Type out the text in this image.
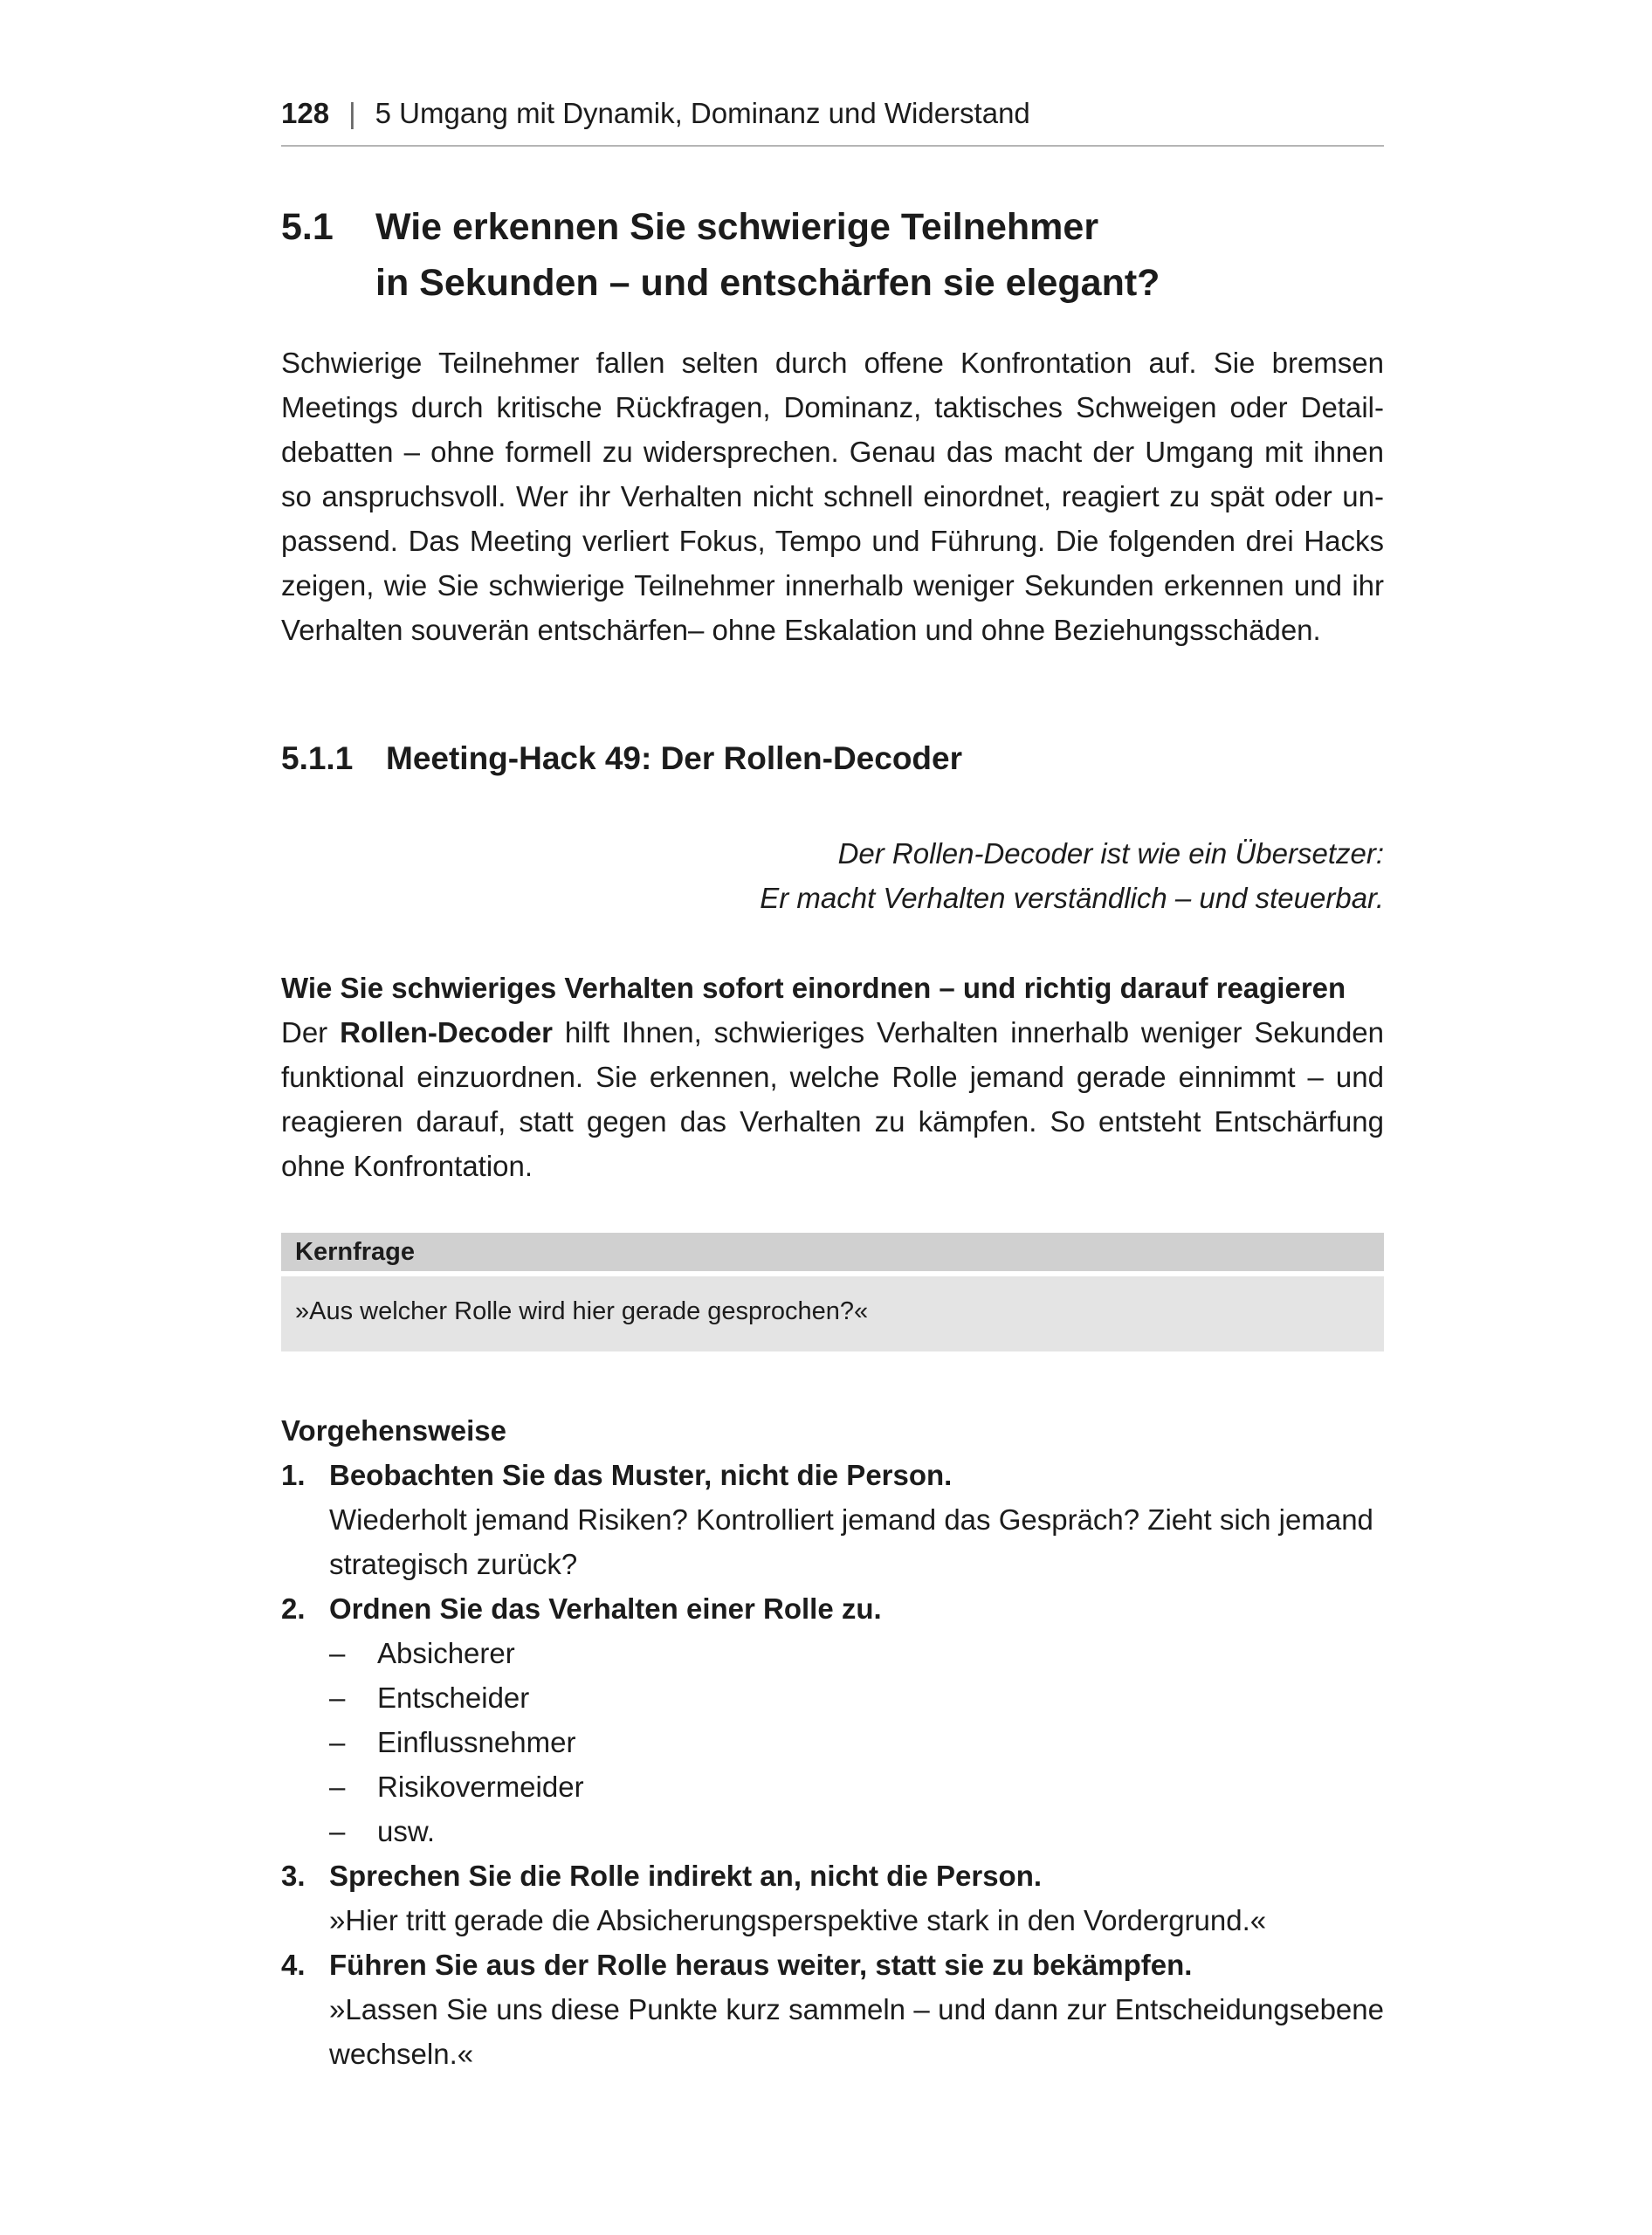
128 | 5 Umgang mit Dynamik, Dominanz und Widerstand
5.1 Wie erkennen Sie schwierige Teilnehmer
in Sekunden – und entschärfen sie elegant?
Schwierige Teilnehmer fallen selten durch offene Konfrontation auf. Sie bremsen
Meetings durch kritische Rückfragen, Dominanz, taktisches Schweigen oder Detail-
debatten – ohne formell zu widersprechen. Genau das macht der Umgang mit ihnen
so anspruchsvoll. Wer ihr Verhalten nicht schnell einordnet, reagiert zu spät oder un-
passend. Das Meeting verliert Fokus, Tempo und Führung. Die folgenden drei Hacks
zeigen, wie Sie schwierige Teilnehmer innerhalb weniger Sekunden erkennen und ihr
Verhalten souverän entschärfen– ohne Eskalation und ohne Beziehungsschäden.
5.1.1 Meeting-Hack 49: Der Rollen-Decoder
Der Rollen-Decoder ist wie ein Übersetzer:
Er macht Verhalten verständlich – und steuerbar.
Wie Sie schwieriges Verhalten sofort einordnen – und richtig darauf reagieren
Der Rollen-Decoder hilft Ihnen, schwieriges Verhalten innerhalb weniger Sekunden
funktional einzuordnen. Sie erkennen, welche Rolle jemand gerade einnimmt – und
reagieren darauf, statt gegen das Verhalten zu kämpfen. So entsteht Entschärfung
ohne Konfrontation.
Kernfrage
»Aus welcher Rolle wird hier gerade gesprochen?«
Vorgehensweise
1. Beobachten Sie das Muster, nicht die Person.
Wiederholt jemand Risiken? Kontrolliert jemand das Gespräch? Zieht sich jemand
strategisch zurück?
2. Ordnen Sie das Verhalten einer Rolle zu.
– Absicherer
– Entscheider
– Einflussnehmer
– Risikovermeider
– usw.
3. Sprechen Sie die Rolle indirekt an, nicht die Person.
»Hier tritt gerade die Absicherungsperspektive stark in den Vordergrund.«
4. Führen Sie aus der Rolle heraus weiter, statt sie zu bekämpfen.
»Lassen Sie uns diese Punkte kurz sammeln – und dann zur Entscheidungsebene
wechseln.«
